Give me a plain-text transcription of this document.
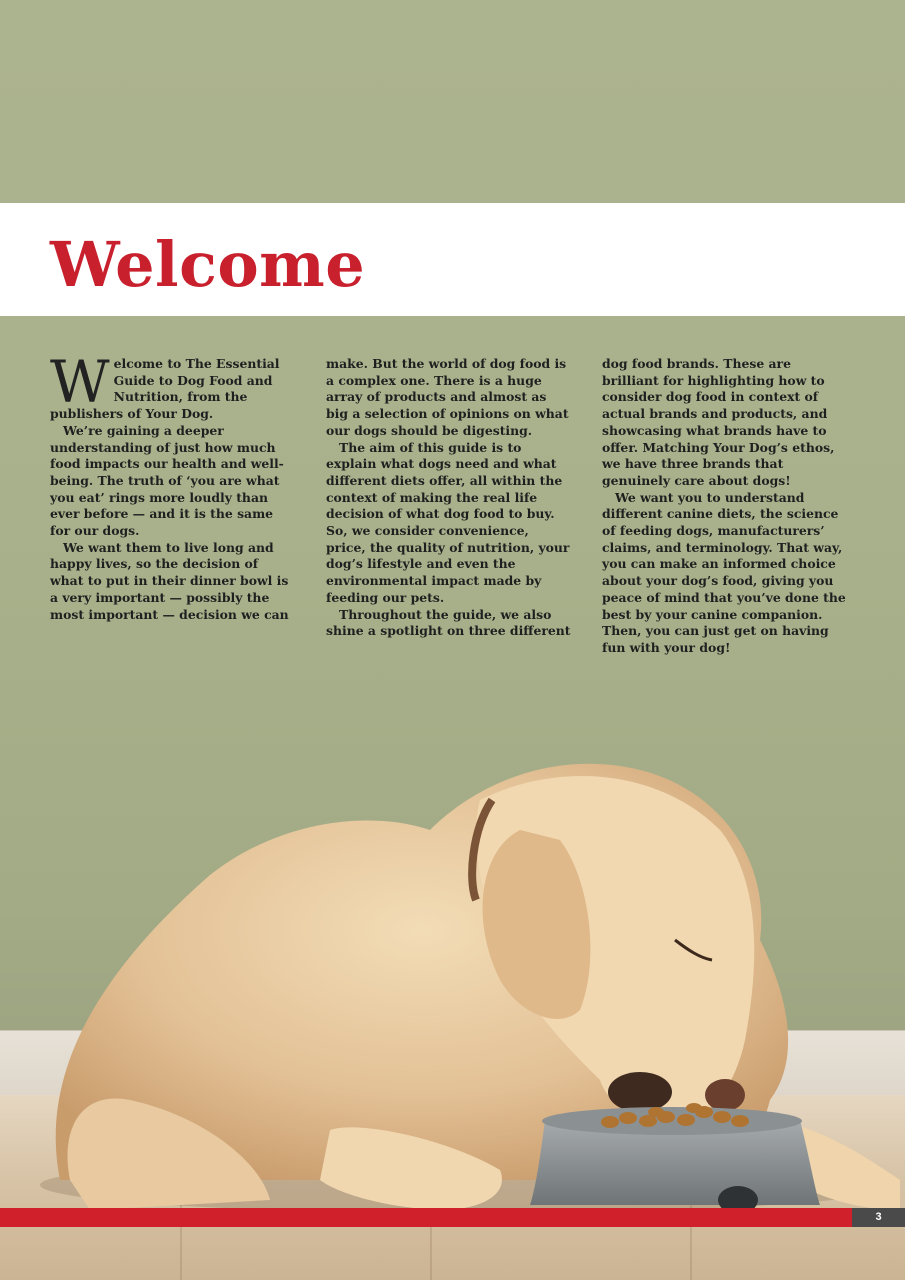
Welcome

Welcome to The Essential Guide to Dog Food and Nutrition, from the publishers of Your Dog.

We’re gaining a deeper understanding of just how much food impacts our health and well-being. The truth of ‘you are what you eat’ rings more loudly than ever before — and it is the same for our dogs.

We want them to live long and happy lives, so the decision of what to put in their dinner bowl is a very important — possibly the most important — decision we can

make. But the world of dog food is a complex one. There is a huge array of products and almost as big a selection of opinions on what our dogs should be digesting.

The aim of this guide is to explain what dogs need and what different diets offer, all within the context of making the real life decision of what dog food to buy. So, we consider convenience, price, the quality of nutrition, your dog’s lifestyle and even the environmental impact made by feeding our pets.

Throughout the guide, we also shine a spotlight on three different

dog food brands. These are brilliant for highlighting how to consider dog food in context of actual brands and products, and showcasing what brands have to offer. Matching Your Dog’s ethos, we have three brands that genuinely care about dogs!

We want you to understand different canine diets, the science of feeding dogs, manufacturers’ claims, and terminology. That way, you can make an informed choice about your dog’s food, giving you peace of mind that you’ve done the best by your canine companion. Then, you can just get on having fun with your dog!

3
